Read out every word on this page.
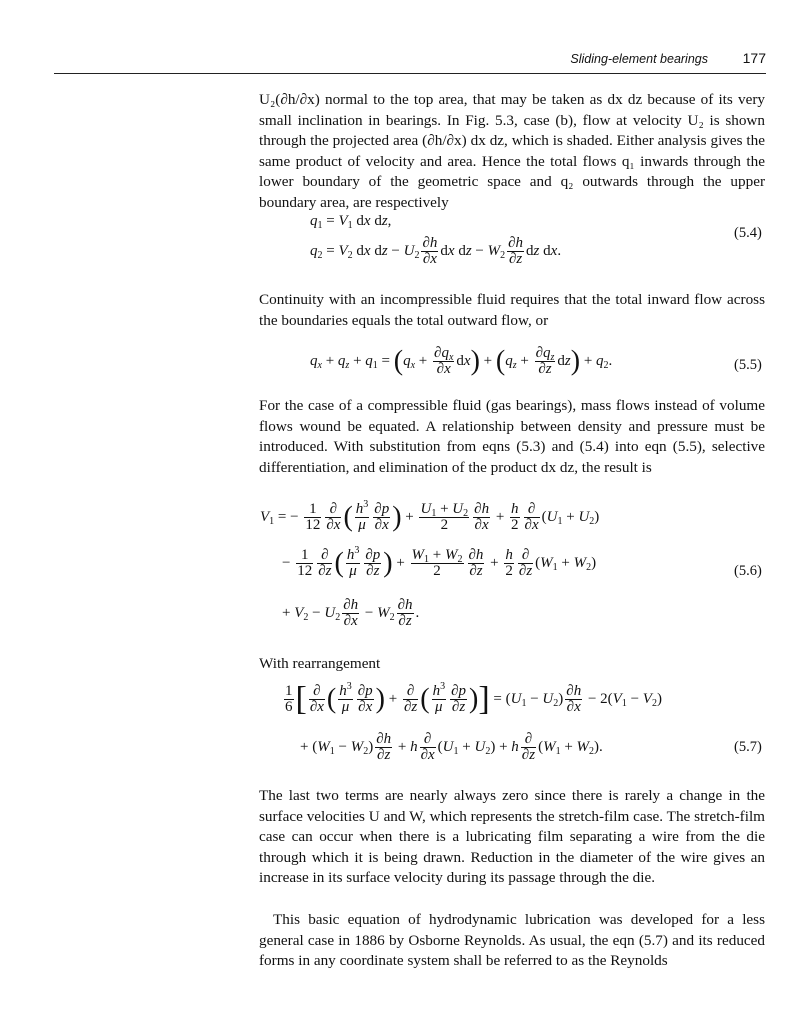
Sliding-element bearings 177

U₂(∂h/∂x) normal to the top area, that may be taken as dx dz because of its very small inclination in bearings. In Fig. 5.3, case (b), flow at velocity U₂ is shown through the projected area (∂h/∂x) dx dz, which is shaded. Either analysis gives the same product of velocity and area. Hence the total flows q₁ inwards through the lower boundary of the geometric space and q₂ outwards through the upper boundary area, are respectively

$q_1 = V_1$ dx dz,
$q_2 = V_2$ dx dz − $U_2 \frac{\partial h}{\partial x}$ dx dz − $W_2 \frac{\partial h}{\partial z}$ dz dx.
(5.4)

Continuity with an incompressible fluid requires that the total inward flow across the boundaries equals the total outward flow, or

$q_x + q_z + q_1 = (q_x + \frac{\partial q_x}{\partial x} dx) + (q_z + \frac{\partial q_z}{\partial z} dz) + q_2$.	(5.5)

For the case of a compressible fluid (gas bearings), mass flows instead of volume flows wound be equated. A relationship between density and pressure must be introduced. With substitution from eqns (5.3) and (5.4) into eqn (5.5), selective differentiation, and elimination of the product dx dz, the result is

$V_1$ = − $\frac{1}{12} \frac{\partial}{\partial x}$ ( $\frac{h^3}{\mu} \frac{\partial p}{\partial x}$ ) + $\frac{U_1 + U_2}{2} \frac{\partial h}{\partial x} + \frac{h}{2} \frac{\partial}{\partial x} (U_1 + U_2)$
− $\frac{1}{12} \frac{\partial}{\partial z}$ ( $\frac{h^3}{\mu} \frac{\partial p}{\partial z}$ ) + $\frac{W_1 + W_2}{2} \frac{\partial h}{\partial z} + \frac{h}{2} \frac{\partial}{\partial z} (W_1 + W_2)$
+ $V_2 - U_2 \frac{\partial h}{\partial x} - W_2 \frac{\partial h}{\partial z}$ .
(5.6)

With rearrangement

$\frac{1}{6}$ [ $\frac{\partial}{\partial x}$ ( $\frac{h^3}{\mu} \frac{\partial p}{\partial x}$ ) + $\frac{\partial}{\partial z}$ ( $\frac{h^3}{\mu} \frac{\partial p}{\partial z}$ )] = $(U_1 - U_2) \frac{\partial h}{\partial x} - 2(V_1 - V_2)$
+ $(W_1 - W_2) \frac{\partial h}{\partial z} + h \frac{\partial}{\partial x} (U_1 + U_2) + h \frac{\partial}{\partial z} (W_1 + W_2)$.	(5.7)

The last two terms are nearly always zero since there is rarely a change in the surface velocities U and W, which represents the stretch-film case. The stretch-film case can occur when there is a lubricating film separating a wire from the die through which it is being drawn. Reduction in the diameter of the wire gives an increase in its surface velocity during its passage through the die.

This basic equation of hydrodynamic lubrication was developed for a less general case in 1886 by Osborne Reynolds. As usual, the eqn (5.7) and its reduced forms in any coordinate system shall be referred to as the Reynolds
